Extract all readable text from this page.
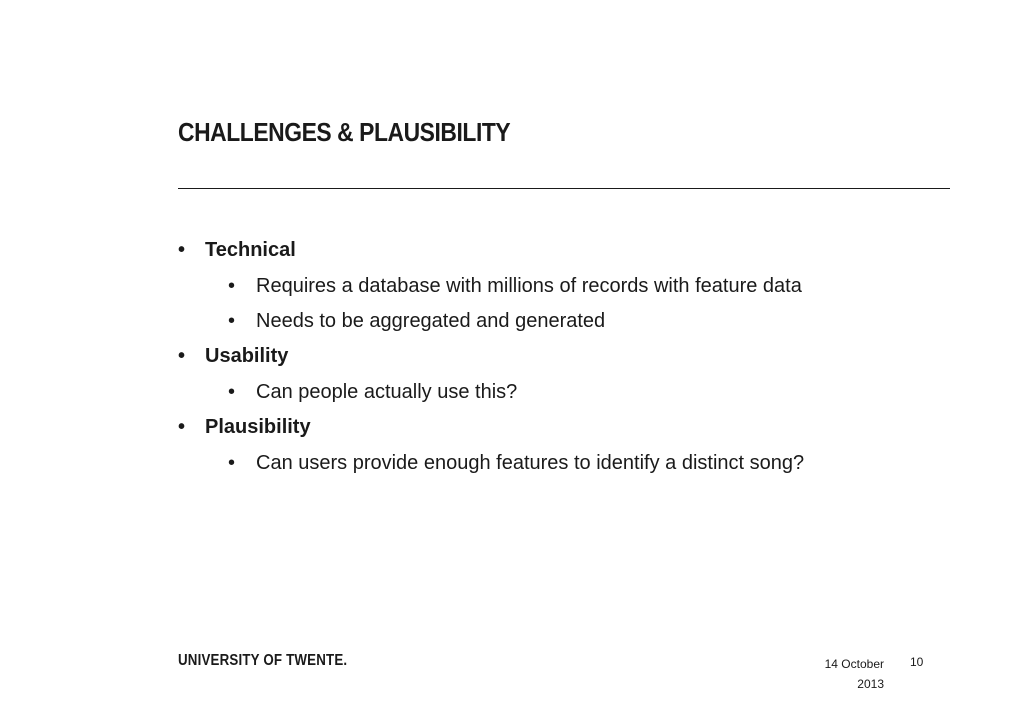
CHALLENGES & PLAUSIBILITY
• Technical
• Requires a database with millions of records with feature data
• Needs to be aggregated and generated
• Usability
• Can people actually use this?
• Plausibility
• Can users provide enough features to identify a distinct song?
UNIVERSITY OF TWENTE.	14 October
2013
10
